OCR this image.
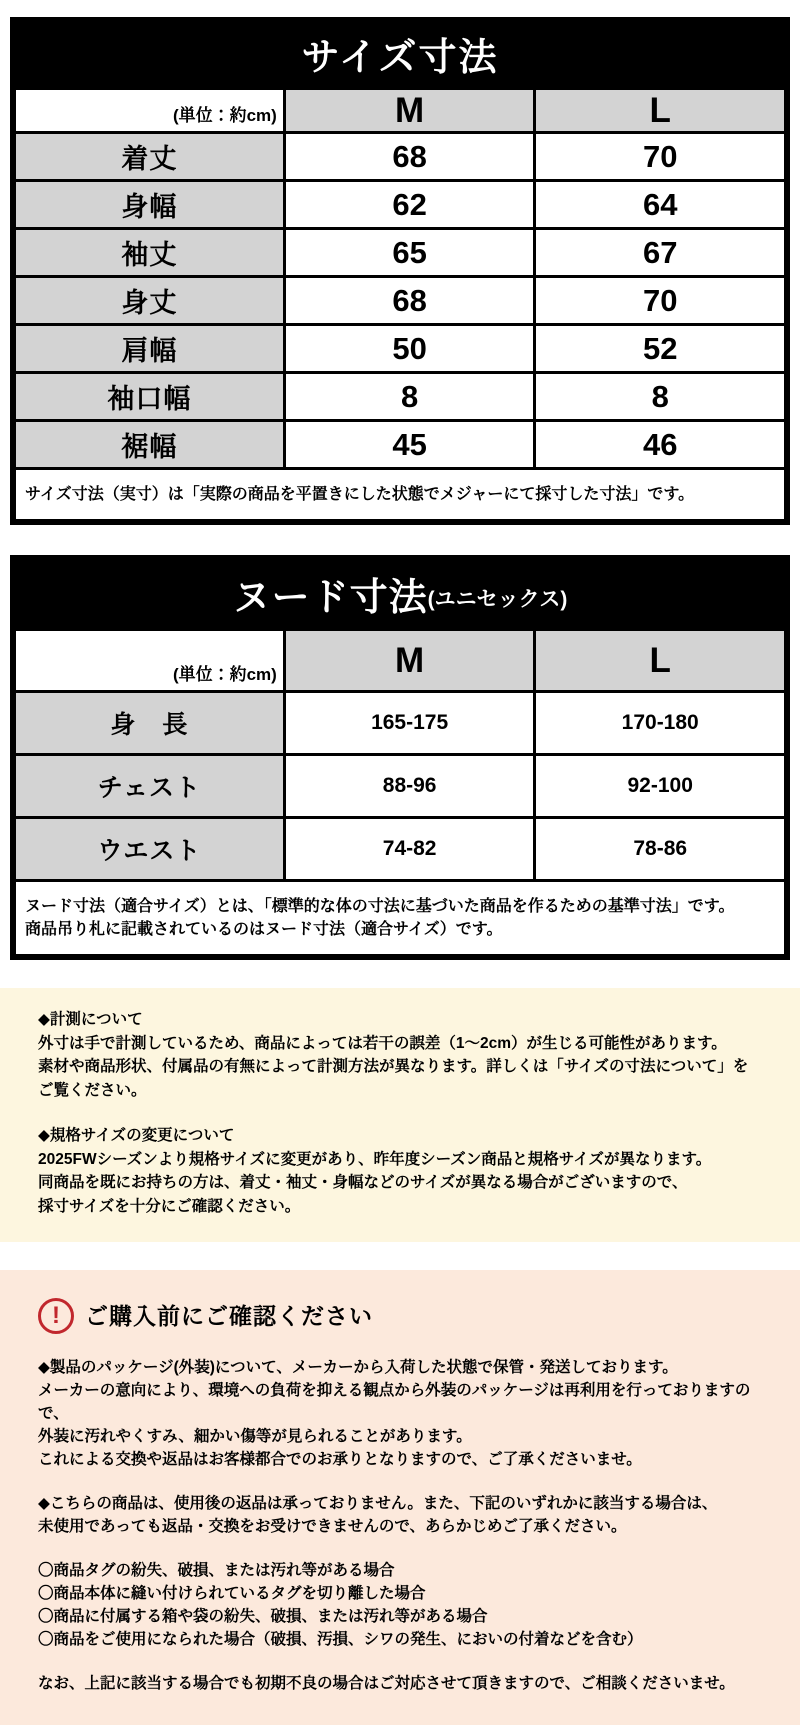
サイズ寸法
(単位：約cm)	M	L
着丈	68	70
身幅	62	64
袖丈	65	67
身丈	68	70
肩幅	50	52
袖口幅	8	8
裾幅	45	46
サイズ寸法（実寸）は「実際の商品を平置きにした状態でメジャーにて採寸した寸法」です。		
ヌード寸法 (ユニセックス)
(単位：約cm)	M	L
身　長	165-175	170-180
チェスト	88-96	92-100
ウエスト	74-82	78-86

ヌード寸法（適合サイズ）とは、「標準的な体の寸法に基づいた商品を作るための基準寸法」です。
商品吊り札に記載されているのはヌード寸法（適合サイズ）です。		
◆計測について
外寸は手で計測しているため、商品によっては若干の誤差（1～2cm）が生じる可能性があります。
素材や商品形状、付属品の有無によって計測方法が異なります。詳しくは「サイズの寸法について」を
ご覧ください。
◆規格サイズの変更について
2025FWシーズンより規格サイズに変更があり、昨年度シーズン商品と規格サイズが異なります。
同商品を既にお持ちの方は、着丈・袖丈・身幅などのサイズが異なる場合がございますので、
採寸サイズを十分にご確認ください。
!	ご購入前にご確認ください
◆製品のパッケージ(外装)について、メーカーから入荷した状態で保管・発送しております。
メーカーの意向により、環境への負荷を抑える観点から外装のパッケージは再利用を行っておりますので、
外装に汚れやくすみ、細かい傷等が見られることがあります。
これによる交換や返品はお客様都合でのお承りとなりますので、ご了承くださいませ。
◆こちらの商品は、使用後の返品は承っておりません。また、下記のいずれかに該当する場合は、
未使用であっても返品・交換をお受けできませんので、あらかじめご了承ください。
〇商品タグの紛失、破損、または汚れ等がある場合
〇商品本体に縫い付けられているタグを切り離した場合
〇商品に付属する箱や袋の紛失、破損、または汚れ等がある場合
〇商品をご使用になられた場合（破損、汚損、シワの発生、においの付着などを含む）
なお、上記に該当する場合でも初期不良の場合はご対応させて頂きますので、ご相談くださいませ。
